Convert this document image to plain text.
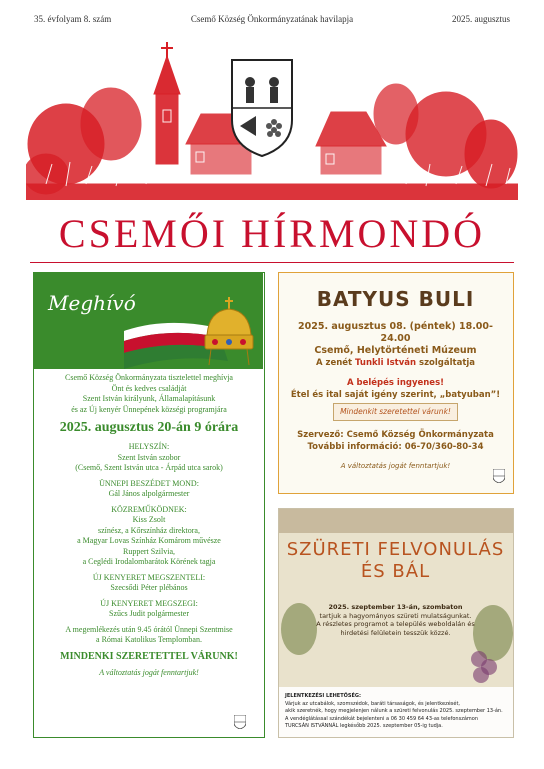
35. évfolyam 8. szám	Csemő Község Önkormányzatának havilapja	2025. augusztus
CSEMŐI HÍRMONDÓ
Meghívó
Csemő Község Önkormányzata tisztelettel meghívja
Önt és kedves családját
Szent István királyunk, Államalapításunk
és az Új kenyér Ünnepének községi programjára
2025. augusztus 20-án 9 órára
HELYSZÍN:
Szent István szobor
(Csemő, Szent István utca - Árpád utca sarok)
ÜNNEPI BESZÉDET MOND:
Gál János alpolgármester
KÖZREMŰKÖDNEK:
Kiss Zsolt
színész, a Kőrszínház direktora,
a Magyar Lovas Színház Komárom művésze
Ruppert Szilvia,
a Ceglédi Irodalombarátok Körének tagja
ÚJ KENYERET MEGSZENTELI:
Szecsődi Péter plébános
ÚJ KENYERET MEGSZEGI:
Szűcs Judit polgármester
A megemlékezés után 9.45 órától Ünnepi Szentmise
a Római Katolikus Templomban.
MINDENKI SZERETETTEL VÁRUNK!
A változtatás jogát fenntartjuk!
BATYUS BULI
2025. augusztus 08. (péntek) 18.00-24.00
Csemő, Helytörténeti Múzeum
A zenét Tunkli István szolgáltatja
A belépés ingyenes!
Étel és ital saját igény szerint, „batyuban”!
Mindenkit szeretettel várunk!
Szervező: Csemő Község Önkormányzata
További információ: 06-70/360-80-34
A változtatás jogát fenntartjuk!
SZÜRETI FELVONULÁS
ÉS BÁL
2025. szeptember 13-án, szombaton
tartjuk a hagyományos szüreti mulatságunkat.
A részletes programot a település weboldalán és
hirdetési felületein tesszük közzé.
JELENTKEZÉSI LEHETŐSÉG:
Várjuk az utcabálok, szomszédok, baráti társaságok, és jelentkezését,
akik szeretnék, hogy megjelenjen nálunk a szüreti felvonulás 2025. szeptember 13-án.
A vendéglátással szándékát bejelenteni a 06 30 459 64 43-as telefonszámon
TURCSÁN ISTVÁNNÁL legkésőbb 2025. szeptember 05-ig tudja.
